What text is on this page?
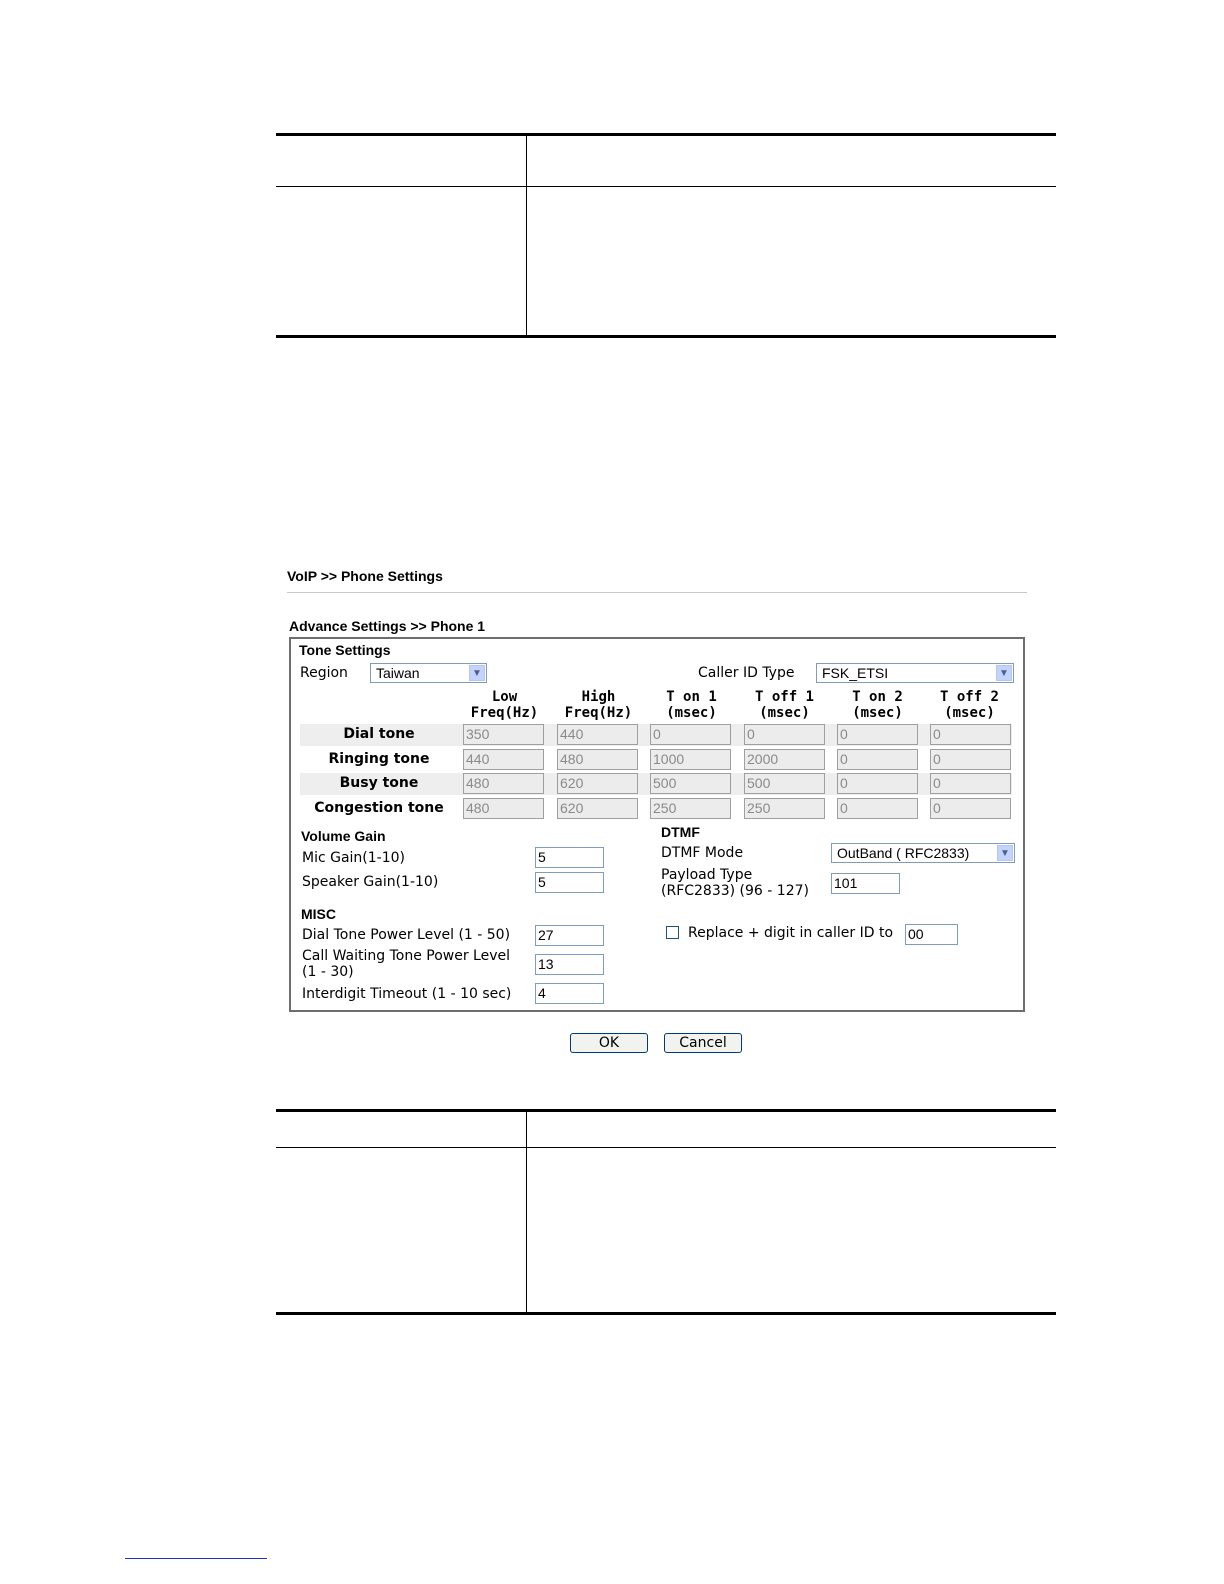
VoIP >> Phone Settings
Advance Settings >> Phone 1
Tone Settings
Region Taiwan	▼	Caller ID Type FSK_ETSI	▼
Low
Freq(Hz)
High
Freq(Hz)
T on 1
(msec)
T off 1
(msec)
T on 2
(msec)
T off 2
(msec)
Dial tone	350	440	0	0	0	0
Ringing tone	440	480	1000	2000	0	0
Busy tone	480	620	500	500	0	0
Congestion tone	480	620	250	250	0	0
Volume Gain
Mic Gain(1-10)	5
Speaker Gain(1-10)	5
DTMF
DTMF Mode	OutBand ( RFC2833)	▼
Payload Type
(RFC2833) (96 - 127) 101
MISC
Dial Tone Power Level (1 - 50) 27
Call Waiting Tone Power Level
(1 - 30)	13
Interdigit Timeout (1 - 10 sec) 4
Replace + digit in caller ID to 00
OK	Cancel
